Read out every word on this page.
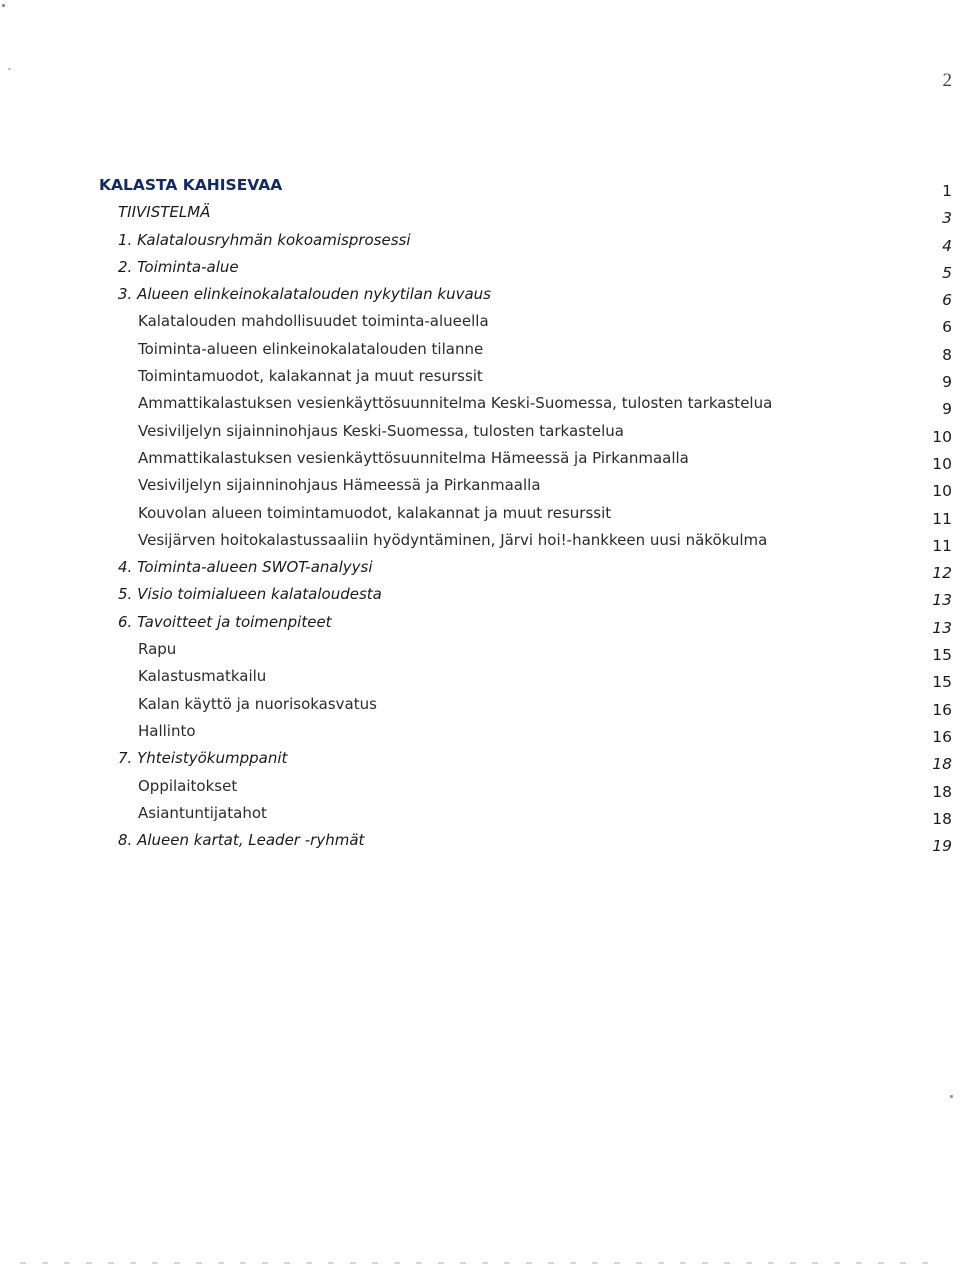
2
KALASTA KAHISEVAA	1
TIIVISTELMÄ	3
1. Kalatalousryhmän kokoamisprosessi	4
2. Toiminta-alue	5
3. Alueen elinkeinokalatalouden nykytilan kuvaus	6
Kalatalouden mahdollisuudet toiminta-alueella	6
Toiminta-alueen elinkeinokalatalouden tilanne	8
Toimintamuodot, kalakannat ja muut resurssit	9
Ammattikalastuksen vesienkäyttösuunnitelma Keski-Suomessa, tulosten tarkastelua	9
Vesiviljelyn sijainninohjaus Keski-Suomessa, tulosten tarkastelua	10
Ammattikalastuksen vesienkäyttösuunnitelma Hämeessä ja Pirkanmaalla	10
Vesiviljelyn sijainninohjaus Hämeessä ja Pirkanmaalla	10
Kouvolan alueen toimintamuodot, kalakannat ja muut resurssit	11
Vesijärven hoitokalastussaaliin hyödyntäminen, Järvi hoi!-hankkeen uusi näkökulma	11
4. Toiminta-alueen SWOT-analyysi	12
5. Visio toimialueen kalataloudesta	13
6. Tavoitteet ja toimenpiteet	13
Rapu	15
Kalastusmatkailu	15
Kalan käyttö ja nuorisokasvatus	16
Hallinto	16
7. Yhteistyökumppanit	18
Oppilaitokset	18
Asiantuntijatahot	18
8. Alueen kartat, Leader -ryhmät	19
